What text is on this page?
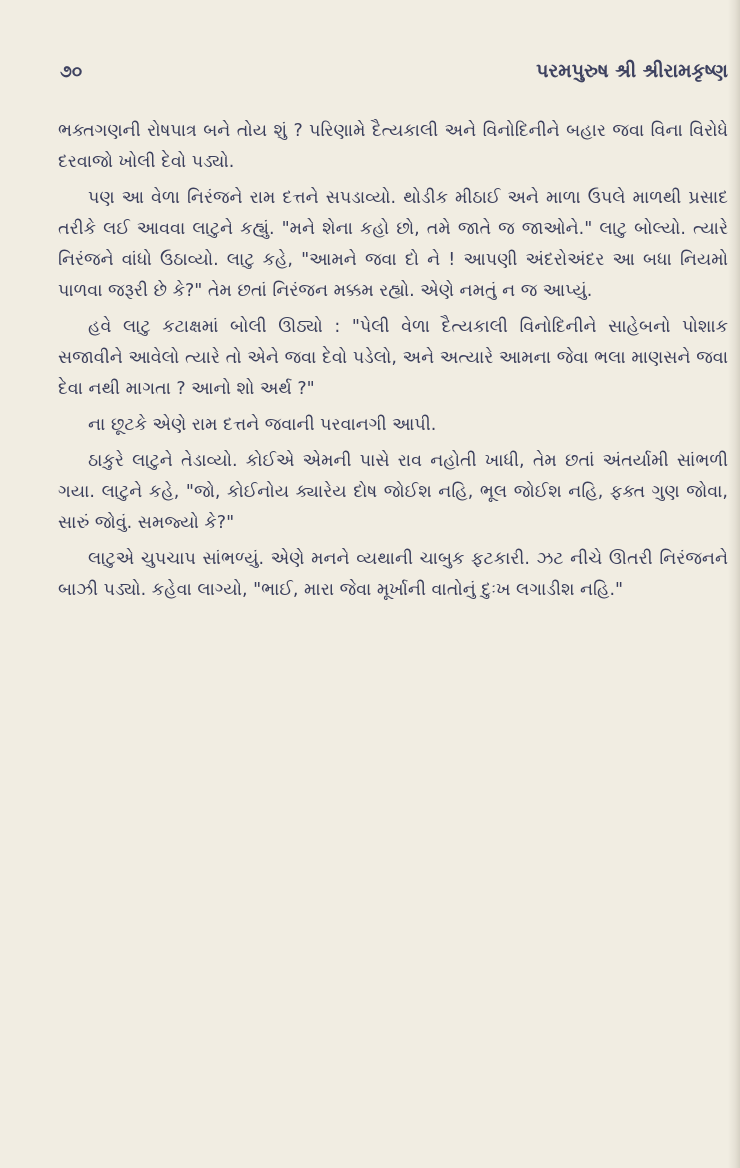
૭૦	પરમપુરુષ શ્રી શ્રીરામકૃષ્ણ

ભક્તગણની રોષપાત્ર બને તોય શું ? પરિણામે દૈત્યકાલી અને વિનોદિનીને બહાર જવા વિના વિરોધે દરવાજો ખોલી દેવો પડ્યો.

પણ આ વેળા નિરંજને રામ દત્તને સપડાવ્યો. થોડીક મીઠાઈ અને માળા ઉપલે માળથી પ્રસાદ તરીકે લઈ આવવા લાટુને કહ્યું. "મને શેના કહો છો, તમે જાતે જ જાઓને." લાટુ બોલ્યો. ત્યારે નિરંજને વાંધો ઉઠાવ્યો. લાટુ કહે, "આમને જવા દો ને ! આપણી અંદરોઅંદર આ બધા નિયમો પાળવા જરૂરી છે કે?" તેમ છતાં નિરંજન મક્કમ રહ્યો. એણે નમતું ન જ આપ્યું.

હવે લાટુ કટાક્ષમાં બોલી ઊઠ્યો : "પેલી વેળા દૈત્યકાલી વિનોદિનીને સાહેબનો પોશાક સજાવીને આવેલો ત્યારે તો એને જવા દેવો પડેલો, અને અત્યારે આમના જેવા ભલા માણસને જવા દેવા નથી માગતા ? આનો શો અર્થ ?"

ના છૂટકે એણે રામ દત્તને જવાની પરવાનગી આપી.

ઠાકુરે લાટુને તેડાવ્યો. કોઈએ એમની પાસે રાવ નહોતી ખાધી, તેમ છતાં અંતર્યામી સાંભળી ગયા. લાટુને કહે, "જો, કોઈનોય ક્યારેય દોષ જોઈશ નહિ, ભૂલ જોઈશ નહિ, ફક્ત ગુણ જોવા, સારું જોવું. સમજ્યો કે?"

લાટુએ ચુપચાપ સાંભળ્યું. એણે મનને વ્યથાની ચાબુક ફટકારી. ઝટ નીચે ઊતરી નિરંજનને બાઝી પડ્યો. કહેવા લાગ્યો, "ભાઈ, મારા જેવા મૂર્ખાની વાતોનું દુઃખ લગાડીશ નહિ."
